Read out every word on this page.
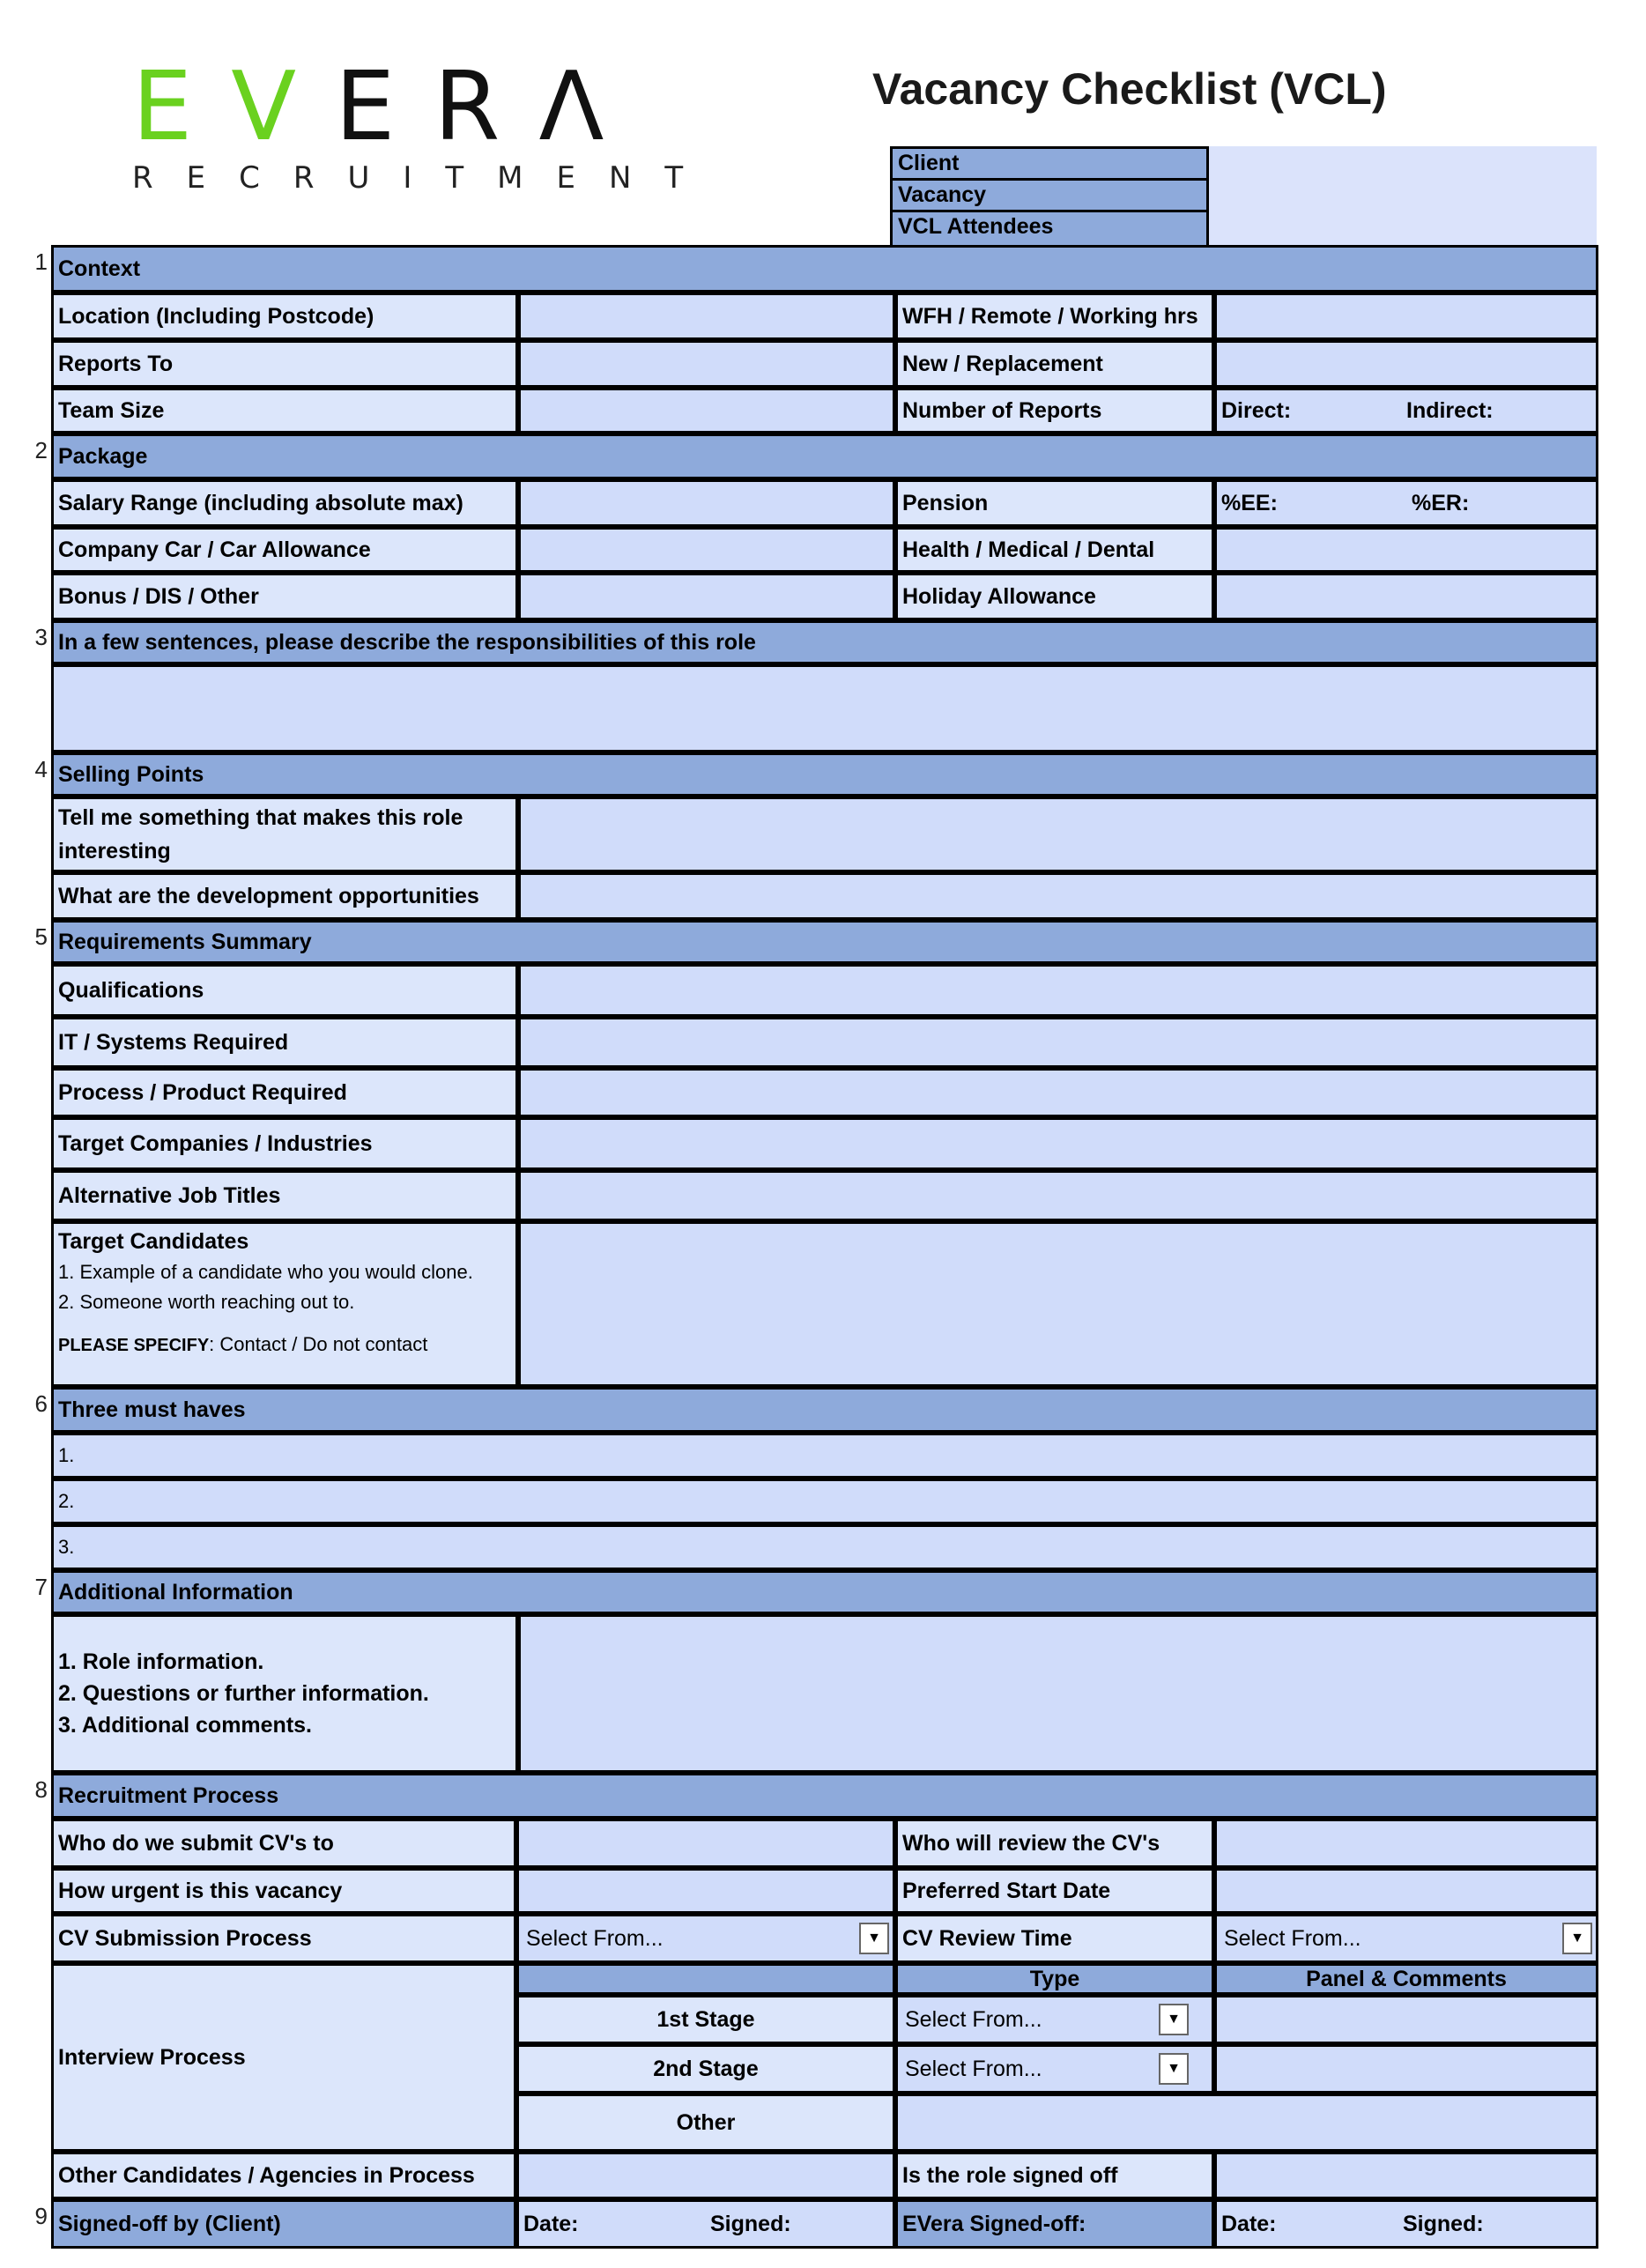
EVERΛ
RECRUITMENT
Vacancy Checklist (VCL)
Client
Vacancy
VCL Attendees
1 Context
Location (Including Postcode)	WFH / Remote / Working hrs
Reports To	New / Replacement
Team Size	Number of Reports	Direct:	Indirect:
2 Package
Salary Range (including absolute max)	Pension	%EE:	%ER:
Company Car / Car Allowance	Health / Medical / Dental
Bonus / DIS / Other	Holiday Allowance
3 In a few sentences, please describe the responsibilities of this role
4 Selling Points
Tell me something that makes this role interesting
What are the development opportunities
5 Requirements Summary
Qualifications
IT / Systems Required
Process / Product Required
Target Companies / Industries
Alternative Job Titles
Target Candidates
1. Example of a candidate who you would clone.
2. Someone worth reaching out to.
PLEASE SPECIFY: Contact / Do not contact
6 Three must haves
1.
2.
3.
7 Additional Information
1. Role information.
2. Questions or further information.
3. Additional comments.
8 Recruitment Process
Who do we submit CV's to	Who will review the CV's
How urgent is this vacancy	Preferred Start Date
CV Submission Process	Select From...	▼ CV Review Time	Select From...	▼
Interview Process
Type	Panel & Comments
1st Stage	Select From...	▼
2nd Stage	Select From...	▼
Other
Other Candidates / Agencies in Process	Is the role signed off
9 Signed-off by (Client)	Date:	Signed:	EVera Signed-off:	Date:	Signed:
